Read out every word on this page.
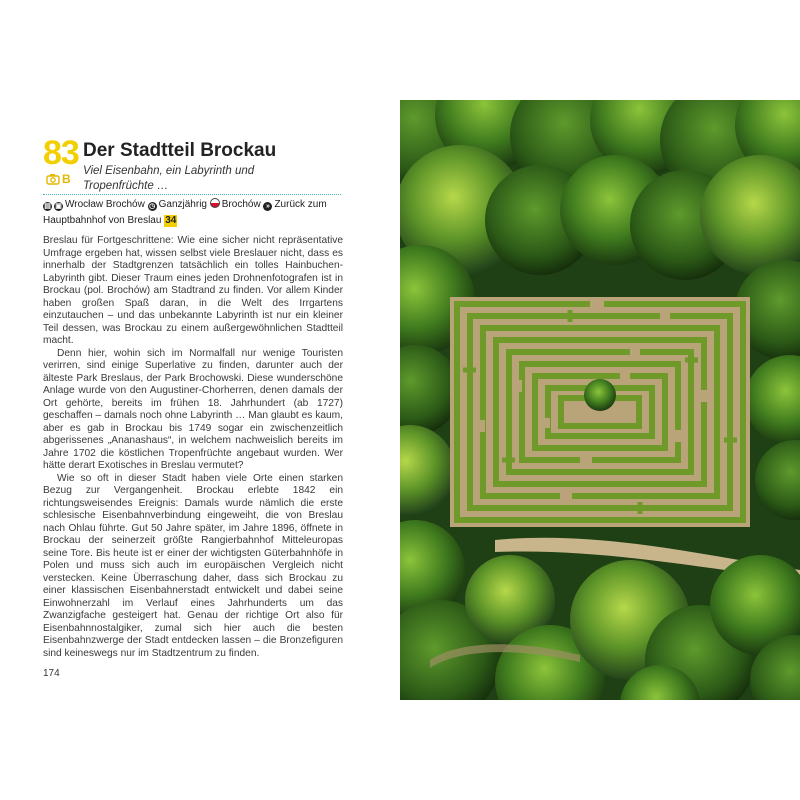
83
B
Der Stadtteil Brockau
Viel Eisenbahn, ein Labyrinth und Tropenfrüchte …
▤ ▣ Wrocław Brochów ◷ Ganzjährig Brochów » Zurück zum Hauptbahnhof von Breslau 34

Breslau für Fortgeschrittene: Wie eine sicher nicht repräsentative Umfrage ergeben hat, wissen selbst viele Breslauer nicht, dass es innerhalb der Stadtgrenzen tatsächlich ein tolles Hainbuchen-Labyrinth gibt. Dieser Traum eines jeden Drohnenfotografen ist in Brockau (pol. Brochów) am Stadtrand zu finden. Vor allem Kinder haben großen Spaß daran, in die Welt des Irrgartens einzutauchen – und das unbekannte Labyrinth ist nur ein kleiner Teil dessen, was Brockau zu einem außergewöhnlichen Stadtteil macht.

Denn hier, wohin sich im Normalfall nur wenige Touristen verirren, sind einige Superlative zu finden, darunter auch der älteste Park Breslaus, der Park Brochowski. Diese wunderschöne Anlage wurde von den Augustiner-Chorherren, denen damals der Ort gehörte, bereits im frühen 18. Jahrhundert (ab 1727) geschaffen – damals noch ohne Labyrinth … Man glaubt es kaum, aber es gab in Brockau bis 1749 sogar ein zwischenzeitlich abgerissenes „Ananashaus“, in welchem nachweislich bereits im Jahre 1702 die köstlichen Tropenfrüchte angebaut wurden. Wer hätte derart Exotisches in Breslau vermutet?

Wie so oft in dieser Stadt haben viele Orte einen starken Bezug zur Vergangenheit. Brockau erlebte 1842 ein richtungsweisendes Ereignis: Damals wurde nämlich die erste schlesische Eisenbahnverbindung eingeweiht, die von Breslau nach Ohlau führte. Gut 50 Jahre später, im Jahre 1896, öffnete in Brockau der seinerzeit größte Rangierbahnhof Mitteleuropas seine Tore. Bis heute ist er einer der wichtigsten Güterbahnhöfe in Polen und muss sich auch im europäischen Vergleich nicht verstecken. Keine Überraschung daher, dass sich Brockau zu einer klassischen Eisenbahnerstadt entwickelt und dabei seine Einwohnerzahl im Verlauf eines Jahrhunderts um das Zwanzigfache gesteigert hat. Genau der richtige Ort also für Eisenbahnnostalgiker, zumal sich hier auch die besten Eisenbahnzwerge der Stadt entdecken lassen – die Bronzefiguren sind keineswegs nur im Stadtzentrum zu finden.

174
